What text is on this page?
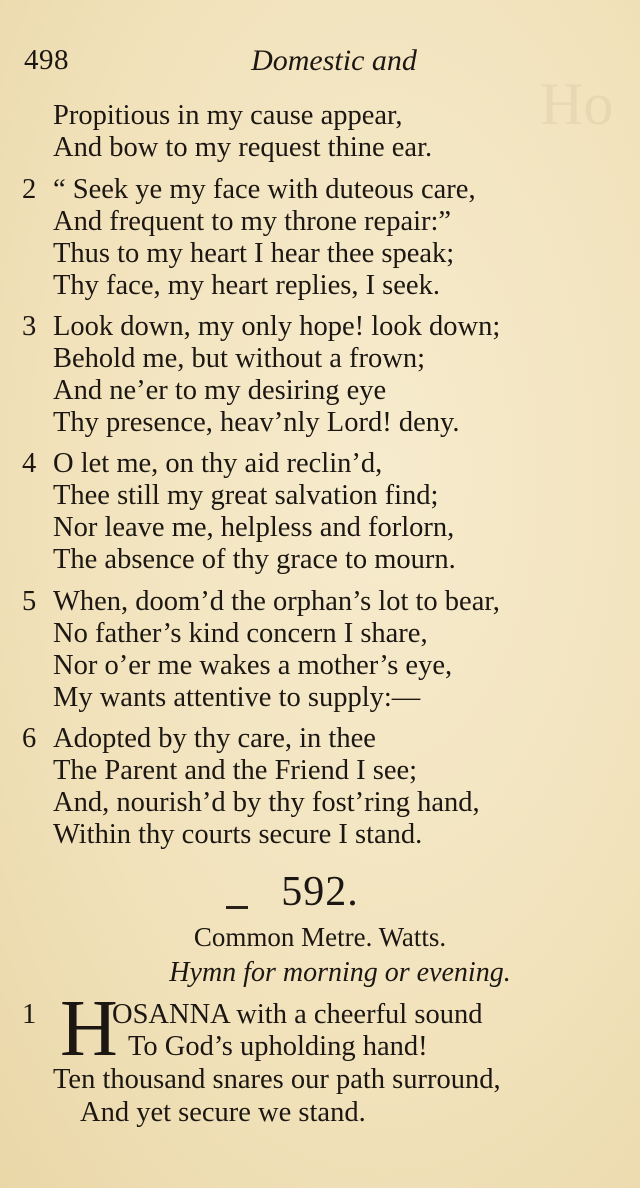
Ho
498	Domestic and
Propitious in my cause appear,
And bow to my request thine ear.
2 “ Seek ye my face with duteous care,
And frequent to my throne repair:”
Thus to my heart I hear thee speak;
Thy face, my heart replies, I seek.
3 Look down, my only hope! look down;
Behold me, but without a frown;
And ne’er to my desiring eye
Thy presence, heav’nly Lord! deny.
4 O let me, on thy aid reclin’d,
Thee still my great salvation find;
Nor leave me, helpless and forlorn,
The absence of thy grace to mourn.
5 When, doom’d the orphan’s lot to bear,
No father’s kind concern I share,
Nor o’er me wakes a mother’s eye,
My wants attentive to supply:—
6 Adopted by thy care, in thee
The Parent and the Friend I see;
And, nourish’d by thy fost’ring hand,
Within thy courts secure I stand.
592.
Common Metre. Watts.
Hymn for morning or evening.
1 H
OSANNA with a cheerful sound
To God’s upholding hand!
Ten thousand snares our path surround,
And yet secure we stand.
